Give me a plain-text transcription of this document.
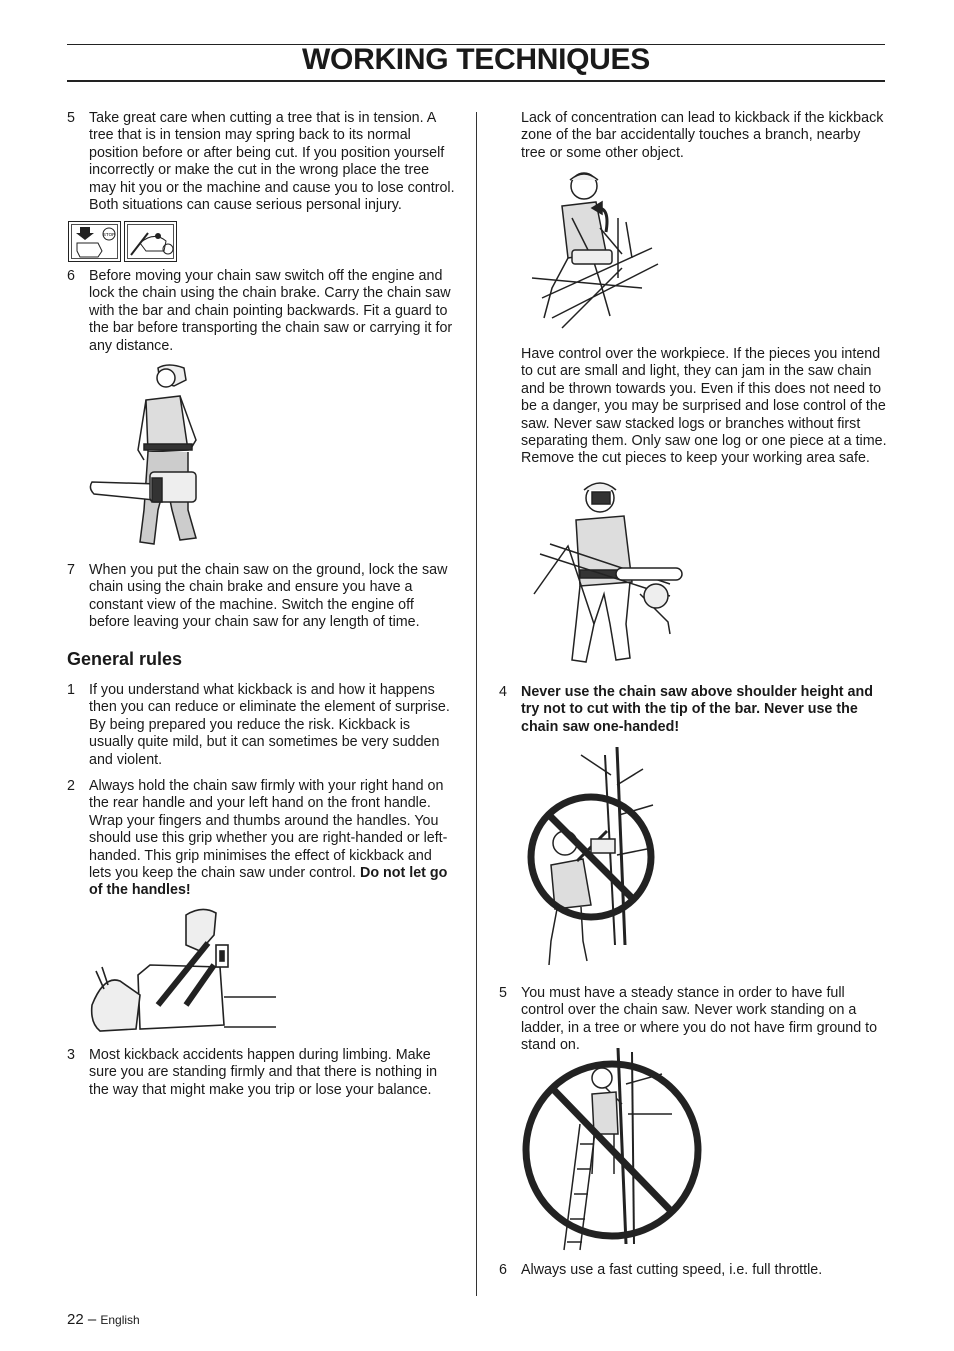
WORKING TECHNIQUES
5 Take great care when cutting a tree that is in tension. A tree that is in tension may spring back to its normal position before or after being cut. If you position yourself incorrectly or make the cut in the wrong place the tree may hit you or the machine and cause you to lose control. Both situations can cause serious personal injury.
STOP
6 Before moving your chain saw switch off the engine and lock the chain using the chain brake. Carry the chain saw with the bar and chain pointing backwards. Fit a guard to the bar before transporting the chain saw or carrying it for any distance.
7 When you put the chain saw on the ground, lock the saw chain using the chain brake and ensure you have a constant view of the machine. Switch the engine off before leaving your chain saw for any length of time.
General rules
1 If you understand what kickback is and how it happens then you can reduce or eliminate the element of surprise. By being prepared you reduce the risk. Kickback is usually quite mild, but it can sometimes be very sudden and violent.
2 Always hold the chain saw firmly with your right hand on the rear handle and your left hand on the front handle. Wrap your fingers and thumbs around the handles. You should use this grip whether you are right-handed or left-handed. This grip minimises the effect of kickback and lets you keep the chain saw under control. Do not let go of the handles!
3 Most kickback accidents happen during limbing. Make sure you are standing firmly and that there is nothing in the way that might make you trip or lose your balance.
Lack of concentration can lead to kickback if the kickback zone of the bar accidentally touches a branch, nearby tree or some other object.
Have control over the workpiece. If the pieces you intend to cut are small and light, they can jam in the saw chain and be thrown towards you. Even if this does not need to be a danger, you may be surprised and lose control of the saw. Never saw stacked logs or branches without first separating them. Only saw one log or one piece at a time. Remove the cut pieces to keep your working area safe.
4 Never use the chain saw above shoulder height and try not to cut with the tip of the bar. Never use the chain saw one-handed!
5 You must have a steady stance in order to have full control over the chain saw. Never work standing on a ladder, in a tree or where you do not have firm ground to stand on.
6 Always use a fast cutting speed, i.e. full throttle.
22 – English
